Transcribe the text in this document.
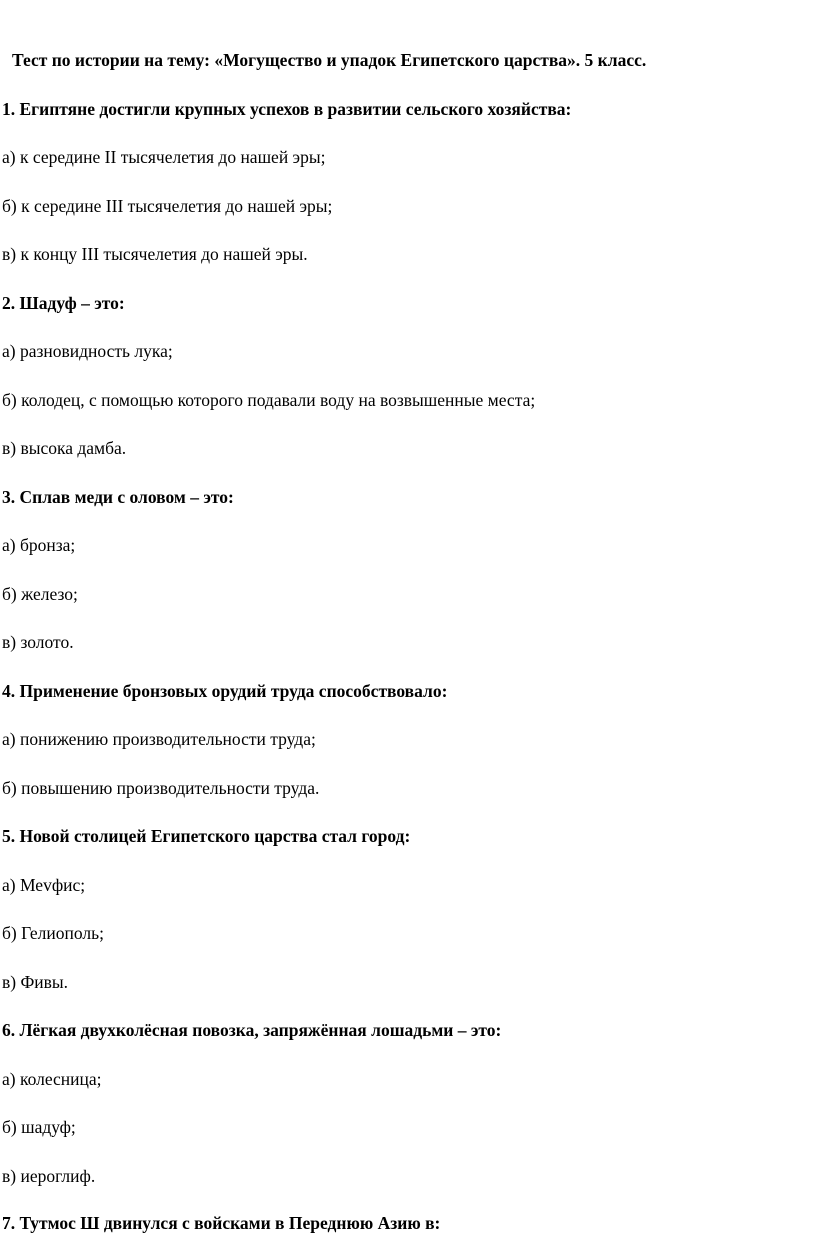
Тест по истории на тему: «Могущество и упадок Египетского царства». 5 класс.
1. Египтяне достигли крупных успехов в развитии сельского хозяйства:
а) к середине II тысячелетия до нашей эры;
б) к середине III тысячелетия до нашей эры;
в) к концу III тысячелетия до нашей эры.
2. Шадуф – это:
а) разновидность лука;
б) колодец, с помощью которого подавали воду на возвышенные места;
в) высока дамба.
3. Сплав меди с оловом – это:
а) бронза;
б) железо;
в) золото.
4. Применение бронзовых орудий труда способствовало:
а) понижению производительности труда;
б) повышению производительности труда.
5. Новой столицей Египетского царства стал город:
а) Меvфис;
б) Гелиополь;
в) Фивы.
6. Лёгкая двухколёсная повозка, запряжённая лошадьми – это:
а) колесница;
б) шадуф;
в) иероглиф.
7. Тутмос Ш двинулся с войсками в Переднюю Азию в:
